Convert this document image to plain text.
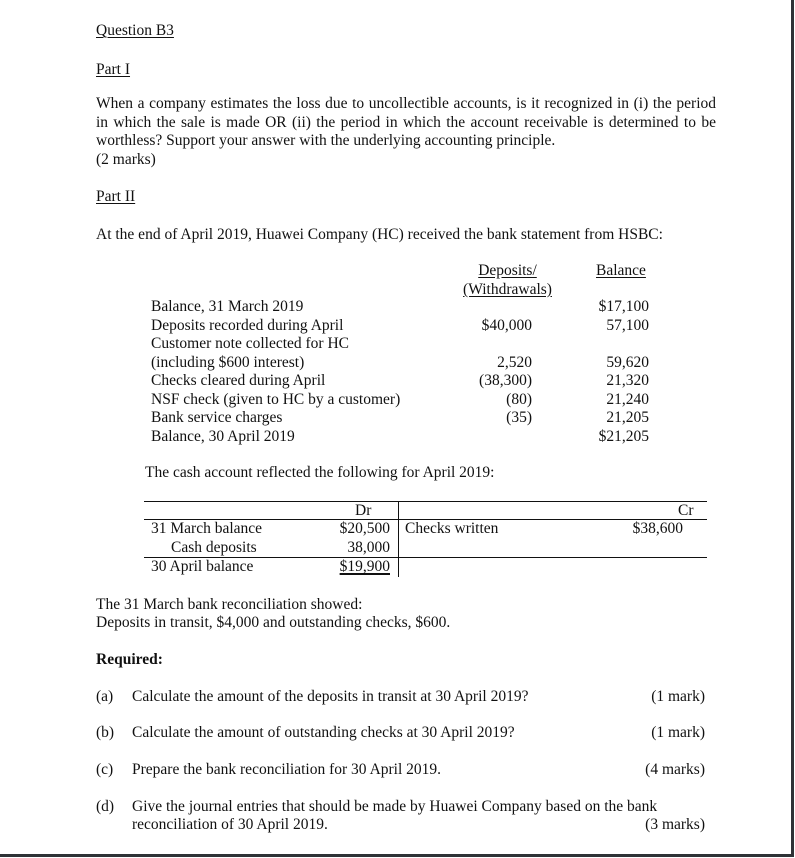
Question B3
Part I
When a company estimates the loss due to uncollectible accounts, is it recognized in (i) the period in which the sale is made OR (ii) the period in which the account receivable is determined to be worthless? Support your answer with the underlying accounting principle.
(2 marks)
Part II
At the end of April 2019, Huawei Company (HC) received the bank statement from HSBC:
Deposits/
(Withdrawals)
Balance
Balance, 31 March 2019	$17,100
Deposits recorded during April	$40,000	57,100
Customer note collected for HC
(including $600 interest)	2,520	59,620
Checks cleared during April	(38,300)	21,320
NSF check (given to HC by a customer)	(80)	21,240
Bank service charges	(35)	21,205
Balance, 30 April 2019	$21,205
The cash account reflected the following for April 2019:
Dr	Cr
31 March balance	$20,500
Cash deposits	38,000
30 April balance	$19,900
Checks written	$38,600
The 31 March bank reconciliation showed:
Deposits in transit, $4,000 and outstanding checks, $600.
Required:
(a) Calculate the amount of the deposits in transit at 30 April 2019?	(1 mark)
(b) Calculate the amount of outstanding checks at 30 April 2019?	(1 mark)
(c) Prepare the bank reconciliation for 30 April 2019.	(4 marks)
(d) Give the journal entries that should be made by Huawei Company based on the bank
reconciliation of 30 April 2019.	(3 marks)
